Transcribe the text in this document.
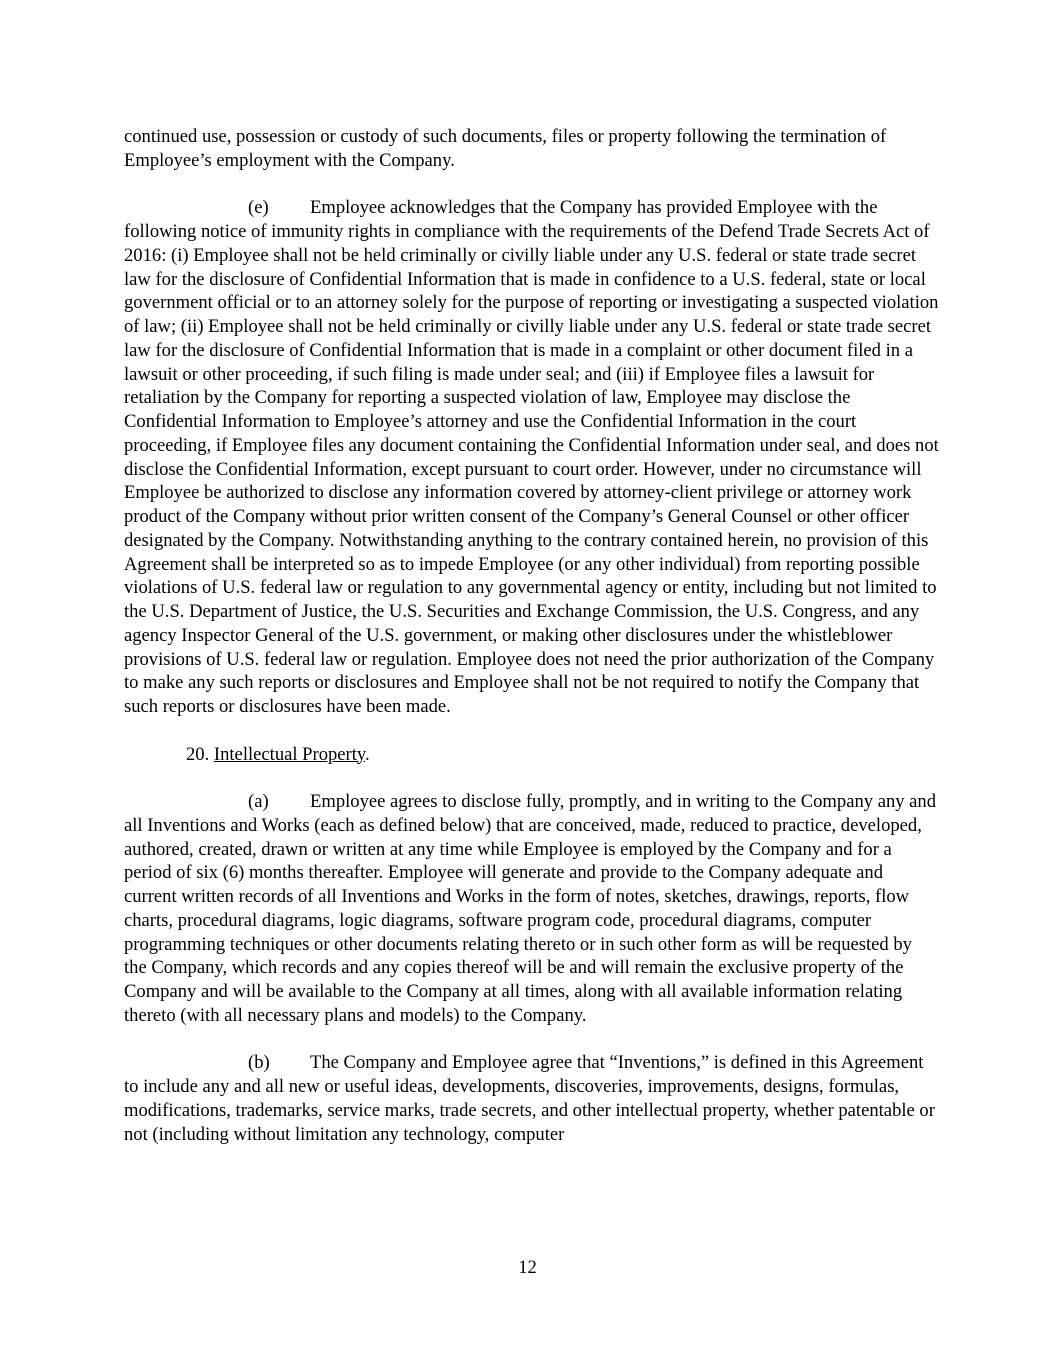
continued use, possession or custody of such documents, files or property following the termination of Employee’s employment with the Company.

(e) Employee acknowledges that the Company has provided Employee with the following notice of immunity rights in compliance with the requirements of the Defend Trade Secrets Act of 2016: (i) Employee shall not be held criminally or civilly liable under any U.S. federal or state trade secret law for the disclosure of Confidential Information that is made in confidence to a U.S. federal, state or local government official or to an attorney solely for the purpose of reporting or investigating a suspected violation of law; (ii) Employee shall not be held criminally or civilly liable under any U.S. federal or state trade secret law for the disclosure of Confidential Information that is made in a complaint or other document filed in a lawsuit or other proceeding, if such filing is made under seal; and (iii) if Employee files a lawsuit for retaliation by the Company for reporting a suspected violation of law, Employee may disclose the Confidential Information to Employee’s attorney and use the Confidential Information in the court proceeding, if Employee files any document containing the Confidential Information under seal, and does not disclose the Confidential Information, except pursuant to court order. However, under no circumstance will Employee be authorized to disclose any information covered by attorney-client privilege or attorney work product of the Company without prior written consent of the Company’s General Counsel or other officer designated by the Company. Notwithstanding anything to the contrary contained herein, no provision of this Agreement shall be interpreted so as to impede Employee (or any other individual) from reporting possible violations of U.S. federal law or regulation to any governmental agency or entity, including but not limited to the U.S. Department of Justice, the U.S. Securities and Exchange Commission, the U.S. Congress, and any agency Inspector General of the U.S. government, or making other disclosures under the whistleblower provisions of U.S. federal law or regulation. Employee does not need the prior authorization of the Company to make any such reports or disclosures and Employee shall not be not required to notify the Company that such reports or disclosures have been made.

20. Intellectual Property.

(a) Employee agrees to disclose fully, promptly, and in writing to the Company any and all Inventions and Works (each as defined below) that are conceived, made, reduced to practice, developed, authored, created, drawn or written at any time while Employee is employed by the Company and for a period of six (6) months thereafter. Employee will generate and provide to the Company adequate and current written records of all Inventions and Works in the form of notes, sketches, drawings, reports, flow charts, procedural diagrams, logic diagrams, software program code, procedural diagrams, computer programming techniques or other documents relating thereto or in such other form as will be requested by the Company, which records and any copies thereof will be and will remain the exclusive property of the Company and will be available to the Company at all times, along with all available information relating thereto (with all necessary plans and models) to the Company.

(b) The Company and Employee agree that “Inventions,” is defined in this Agreement to include any and all new or useful ideas, developments, discoveries, improvements, designs, formulas, modifications, trademarks, service marks, trade secrets, and other intellectual property, whether patentable or not (including without limitation any technology, computer

12
